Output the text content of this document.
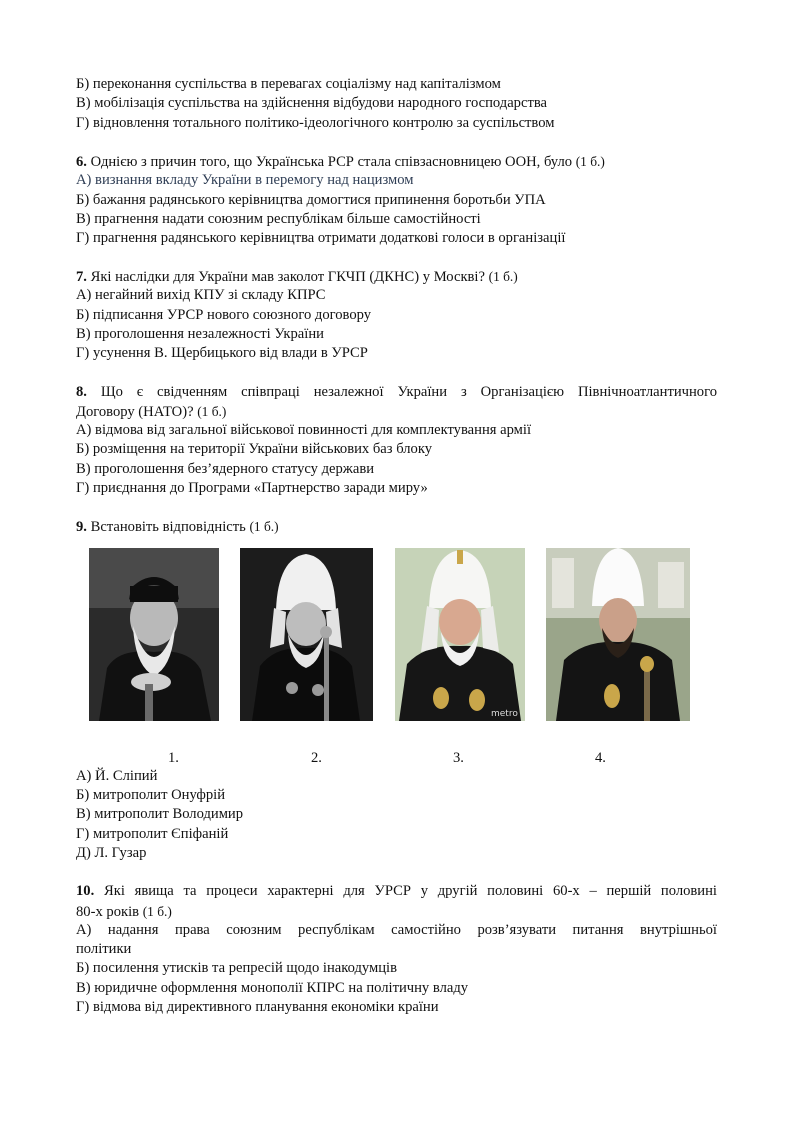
Б) переконання суспільства в перевагах соціалізму над капіталізмом
В) мобілізація суспільства на здійснення відбудови народного господарства
Г) відновлення тотального політико-ідеологічного контролю за суспільством
6. Однією з причин того, що Українська РСР стала співзасновницею ООН, було (1 б.)
А) визнання вкладу України в перемогу над нацизмом
Б) бажання радянського керівництва домогтися припинення боротьби УПА
В) прагнення надати союзним республікам більше самостійності
Г) прагнення радянського керівництва отримати додаткові голоси в організації
7. Які наслідки для України мав заколот ГКЧП (ДКНС) у Москві? (1 б.)
А) негайний вихід КПУ зі складу КПРС
Б) підписання УРСР нового союзного договору
В) проголошення незалежності України
Г) усунення В. Щербицького від влади в УРСР
8. Що є свідченням співпраці незалежної України з Організацією Північноатлантичного
Договору (НАТО)? (1 б.)
А) відмова від загальної військової повинності для комплектування армії
Б) розміщення на території України військових баз блоку
В) проголошення без’ядерного статусу держави
Г) приєднання до Програми «Партнерство заради миру»
9. Встановіть відповідність (1 б.)
metro
1.	2.	3.	4.
А) Й. Сліпий
Б) митрополит Онуфрій
В) митрополит Володимир
Г) митрополит Єпіфаній
Д) Л. Гузар
10. Які явища та процеси характерні для УРСР у другій половині 60-х – першій половині
80-х років (1 б.)
А) надання права союзним республікам самостійно розв’язувати питання внутрішньої
політики
Б) посилення утисків та репресій щодо інакодумців
В) юридичне оформлення монополії КПРС на політичну владу
Г) відмова від директивного планування економіки країни
